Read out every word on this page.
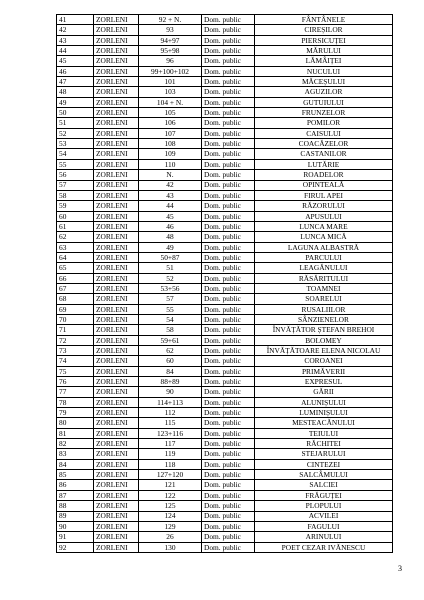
41	ZORLENI	92 + N.	Dom. public	FÂNTÂNELE
42	ZORLENI	93	Dom. public	CIREȘILOR
43	ZORLENI	94+97	Dom. public	PIERSICUȚEI
44	ZORLENI	95+98	Dom. public	MĂRULUI
45	ZORLENI	96	Dom. public	LĂMÂIȚEI
46	ZORLENI	99+100+102	Dom. public	NUCULUI
47	ZORLENI	101	Dom. public	MĂCEȘULUI
48	ZORLENI	103	Dom. public	AGUZILOR
49	ZORLENI	104 + N.	Dom. public	GUTUIULUI
50	ZORLENI	105	Dom. public	FRUNZELOR
51	ZORLENI	106	Dom. public	POMILOR
52	ZORLENI	107	Dom. public	CAISULUI
53	ZORLENI	108	Dom. public	COACĂZELOR
54	ZORLENI	109	Dom. public	CASTANILOR
55	ZORLENI	110	Dom. public	LUTĂRIE
56	ZORLENI	N.	Dom. public	ROADELOR
57	ZORLENI	42	Dom. public	OPINTEALĂ
58	ZORLENI	43	Dom. public	FIRUL APEI
59	ZORLENI	44	Dom. public	RĂZORULUI
60	ZORLENI	45	Dom. public	APUSULUI
61	ZORLENI	46	Dom. public	LUNCA MARE
62	ZORLENI	48	Dom. public	LUNCA MICĂ
63	ZORLENI	49	Dom. public	LAGUNA ALBASTRĂ
64	ZORLENI	50+87	Dom. public	PARCULUI
65	ZORLENI	51	Dom. public	LEAGĂNULUI
66	ZORLENI	52	Dom. public	RĂSĂRITULUI
67	ZORLENI	53+56	Dom. public	TOAMNEI
68	ZORLENI	57	Dom. public	SOARELUI
69	ZORLENI	55	Dom. public	RUSALIILOR
70	ZORLENI	54	Dom. public	SÂNZIENELOR
71	ZORLENI	58	Dom. public	ÎNVĂȚĂTOR ȘTEFAN BREHOI
72	ZORLENI	59+61	Dom. public	BOLOMEY
73	ZORLENI	62	Dom. public	ÎNVĂȚĂTOARE ELENA NICOLAU
74	ZORLENI	60	Dom. public	COROANEI
75	ZORLENI	84	Dom. public	PRIMĂVERII
76	ZORLENI	88+89	Dom. public	EXPRESUL
77	ZORLENI	90	Dom. public	GĂRII
78	ZORLENI	114+113	Dom. public	ALUNIȘULUI
79	ZORLENI	112	Dom. public	LUMINIȘULUI
80	ZORLENI	115	Dom. public	MESTEACĂNULUI
81	ZORLENI	123+116	Dom. public	TEIULUI
82	ZORLENI	117	Dom. public	RĂCHITEI
83	ZORLENI	119	Dom. public	STEJARULUI
84	ZORLENI	118	Dom. public	CINTEZEI
85	ZORLENI	127+120	Dom. public	SALCÂMULUI
86	ZORLENI	121	Dom. public	SALCIEI
87	ZORLENI	122	Dom. public	FRĂGUȚEI
88	ZORLENI	125	Dom. public	PLOPULUI
89	ZORLENI	124	Dom. public	ACVILEI
90	ZORLENI	129	Dom. public	FAGULUI
91	ZORLENI	26	Dom. public	ARINULUI
92	ZORLENI	130	Dom. public	POET CEZAR IVĂNESCU
3
